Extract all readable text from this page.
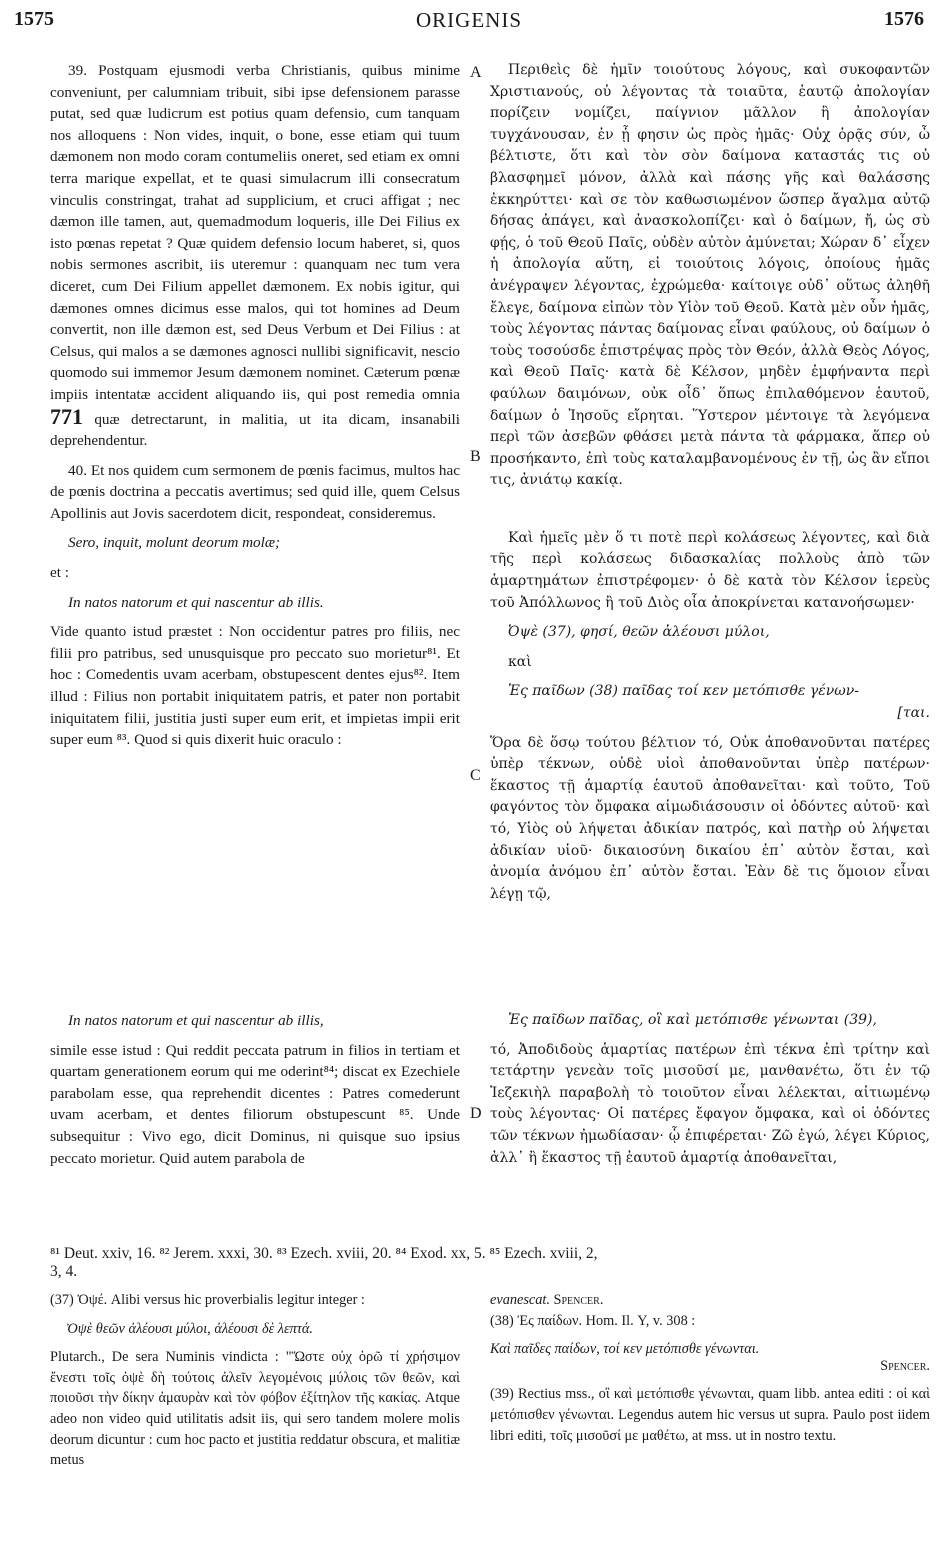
1575	ORIGENIS	1576
A
B
C
D

39. Postquam ejusmodi verba Christianis, quibus minime conveniunt, per calumniam tribuit, sibi ipse defensionem parasse putat, sed quæ ludicrum est potius quam defensio, cum tanquam nos alloquens : Non vides, inquit, o bone, esse etiam qui tuum dæmonem non modo coram contumeliis oneret, sed etiam ex omni terra marique expellat, et te quasi simulacrum illi consecratum vinculis constringat, trahat ad supplicium, et cruci affigat ; nec dæmon ille tamen, aut, quemadmodum loqueris, ille Dei Filius ex isto pœnas repetat ? Quæ quidem defensio locum haberet, si, quos nobis sermones ascribit, iis uteremur : quanquam nec tum vera diceret, cum Dei Filium appellet dæmonem. Ex nobis igitur, qui dæmones omnes dicimus esse malos, qui tot homines ad Deum convertit, non ille dæmon est, sed Deus Verbum et Dei Filius : at Celsus, qui malos a se dæmones agnosci nullibi significavit, nescio quomodo sui immemor Jesum dæmonem nominet. Cæterum pœnæ impiis intentatæ accident aliquando iis, qui post remedia omnia 771 quæ detrectarunt, in malitia, ut ita dicam, insanabili deprehendentur.

40. Et nos quidem cum sermonem de pœnis facimus, multos hac de pœnis doctrina a peccatis avertimus; sed quid ille, quem Celsus Apollinis aut Jovis sacerdotem dicit, respondeat, consideremus.

Sero, inquit, molunt deorum molæ;

et :

In natos natorum et qui nascentur ab illis.

Vide quanto istud præstet : Non occidentur patres pro filiis, nec filii pro patribus, sed unusquisque pro peccato suo morietur⁸¹. Et hoc : Comedentis uvam acerbam, obstupescent dentes ejus⁸². Item illud : Filius non portabit iniquitatem patris, et pater non portabit iniquitatem filii, justitia justi super eum erit, et impietas impii erit super eum ⁸³. Quod si quis dixerit huic oraculo :

Περιθεὶς δὲ ἡμῖν τοιούτους λόγους, καὶ συκοφαντῶν Χριστιανούς, οὐ λέγοντας τὰ τοιαῦτα, ἑαυτῷ ἀπολογίαν πορίζειν νομίζει, παίγνιον μᾶλλον ἢ ἀπολογίαν τυγχάνουσαν, ἐν ᾗ φησιν ὡς πρὸς ἡμᾶς· Οὐχ ὁρᾷς σύν, ὦ βέλτιστε, ὅτι καὶ τὸν σὸν δαίμονα καταστάς τις οὐ βλασφημεῖ μόνον, ἀλλὰ καὶ πάσης γῆς καὶ θαλάσσης ἐκκηρύττει· καὶ σε τὸν καθωσιωμένον ὥσπερ ἄγαλμα αὐτῷ δήσας ἀπάγει, καὶ ἀνασκολοπίζει· καὶ ὁ δαίμων, ἤ, ὡς σὺ φῄς, ὁ τοῦ Θεοῦ Παῖς, οὐδὲν αὐτὸν ἀμύνεται; Χώραν δ᾽ εἶχεν ἡ ἀπολογία αὕτη, εἰ τοιούτοις λόγοις, ὁποίους ἡμᾶς ἀνέγραψεν λέγοντας, ἐχρώμεθα· καίτοιγε οὐδ᾽ οὕτως ἀληθῆ ἔλεγε, δαίμονα εἰπὼν τὸν Υἱὸν τοῦ Θεοῦ. Κατὰ μὲν οὖν ἡμᾶς, τοὺς λέγοντας πάντας δαίμονας εἶναι φαύλους, οὐ δαίμων ὁ τοὺς τοσούσδε ἐπιστρέψας πρὸς τὸν Θεόν, ἀλλὰ Θεὸς Λόγος, καὶ Θεοῦ Παῖς· κατὰ δὲ Κέλσον, μηδὲν ἐμφήναντα περὶ φαύλων δαιμόνων, οὐκ οἶδ᾽ ὅπως ἐπιλαθόμενον ἑαυτοῦ, δαίμων ὁ Ἰησοῦς εἴρηται. Ὕστερον μέντοιγε τὰ λεγόμενα περὶ τῶν ἀσεβῶν φθάσει μετὰ πάντα τὰ φάρμακα, ἅπερ οὐ προσήκαντο, ἐπὶ τοὺς καταλαμβανομένους ἐν τῇ, ὡς ἂν εἴποι τις, ἀνιάτῳ κακίᾳ.

Καὶ ἡμεῖς μὲν ὅ τι ποτὲ περὶ κολάσεως λέγοντες, καὶ διὰ τῆς περὶ κολάσεως διδασκαλίας πολλοὺς ἀπὸ τῶν ἁμαρτημάτων ἐπιστρέφομεν· ὁ δὲ κατὰ τὸν Κέλσον ἱερεὺς τοῦ Ἀπόλλωνος ἢ τοῦ Διὸς οἷα ἀποκρίνεται κατανοήσωμεν·

Ὀψὲ (37), φησί, θεῶν ἀλέουσι μύλοι,

καὶ

Ἐς παῖδων (38) παῖδας τοί κεν μετόπισθε γένων-

[ται.

Ὅρα δὲ ὅσῳ τούτου βέλτιον τό, Οὐκ ἀποθανοῦνται πατέρες ὑπὲρ τέκνων, οὐδὲ υἱοὶ ἀποθανοῦνται ὑπὲρ πατέρων· ἕκαστος τῇ ἁμαρτίᾳ ἑαυτοῦ ἀποθανεῖται· καὶ τοῦτο, Τοῦ φαγόντος τὸν ὄμφακα αἱμωδιάσουσιν οἱ ὀδόντες αὐτοῦ· καὶ τό, Υἱὸς οὐ λήψεται ἀδικίαν πατρός, καὶ πατὴρ οὐ λήψεται ἀδικίαν υἱοῦ· δικαιοσύνη δικαίου ἐπ᾽ αὐτὸν ἔσται, καὶ ἀνομία ἀνόμου ἐπ᾽ αὐτὸν ἔσται. Ἐὰν δὲ τις ὅμοιον εἶναι λέγῃ τῷ,

In natos natorum et qui nascentur ab illis,

simile esse istud : Qui reddit peccata patrum in filios in tertiam et quartam generationem eorum qui me oderint⁸⁴; discat ex Ezechiele parabolam esse, qua reprehendit dicentes : Patres comederunt uvam acerbam, et dentes filiorum obstupescunt ⁸⁵. Unde subsequitur : Vivo ego, dicit Dominus, ni quisque suo ipsius peccato morietur. Quid autem parabola de

Ἐς παῖδων παῖδας, οἳ καὶ μετόπισθε γένωνται (39),

τό, Ἀποδιδοὺς ἁμαρτίας πατέρων ἐπὶ τέκνα ἐπὶ τρίτην καὶ τετάρτην γενεὰν τοῖς μισοῦσί με, μανθανέτω, ὅτι ἐν τῷ Ἰεζεκιὴλ παραβολὴ τὸ τοιοῦτον εἶναι λέλεκται, αἰτιωμένῳ τοὺς λέγοντας· Οἱ πατέρες ἔφαγον ὄμφακα, καὶ οἱ ὀδόντες τῶν τέκνων ἠμωδίασαν· ᾧ ἐπιφέρεται· Ζῶ ἐγώ, λέγει Κύριος, ἀλλ᾽ ἢ ἕκαστος τῇ ἑαυτοῦ ἁμαρτίᾳ ἀποθανεῖται,

⁸¹ Deut. xxiv, 16. ⁸² Jerem. xxxi, 30. ⁸³ Ezech. xviii, 20. ⁸⁴ Exod. xx, 5. ⁸⁵ Ezech. xviii, 2,
3, 4.

(37) Ὀψέ. Alibi versus hic proverbialis legitur integer :

Ὀψὲ θεῶν ἀλέουσι μύλοι, ἀλέουσι δὲ λεπτά.

Plutarch., De sera Numinis vindicta : "Ὥστε οὐχ ὁρῶ τί χρήσιμον ἔνεστι τοῖς ὀψὲ δὴ τούτοις ἀλεῖν λεγομένοις μύλοις τῶν θεῶν, καὶ ποιοῦσι τὴν δίκην ἀμαυρὰν καὶ τὸν φόβον ἐξίτηλον τῆς κακίας. Atque adeo non video quid utilitatis adsit iis, qui sero tandem molere molis deorum dicuntur : cum hoc pacto et justitia reddatur obscura, et malitiæ metus

evanescat. Spencer.

(38) Ἐς παίδων. Hom. Il. Υ, v. 308 :

Καὶ παῖδες παίδων, τοί κεν μετόπισθε γένωνται.

Spencer.

(39) Rectius mss., οἳ καὶ μετόπισθε γένωνται, quam libb. antea editi : οἱ καὶ μετόπισθεν γένωνται. Legendus autem hic versus ut supra. Paulo post iidem libri editi, τοῖς μισοῦσί με μαθέτω, at mss. ut in nostro textu.
